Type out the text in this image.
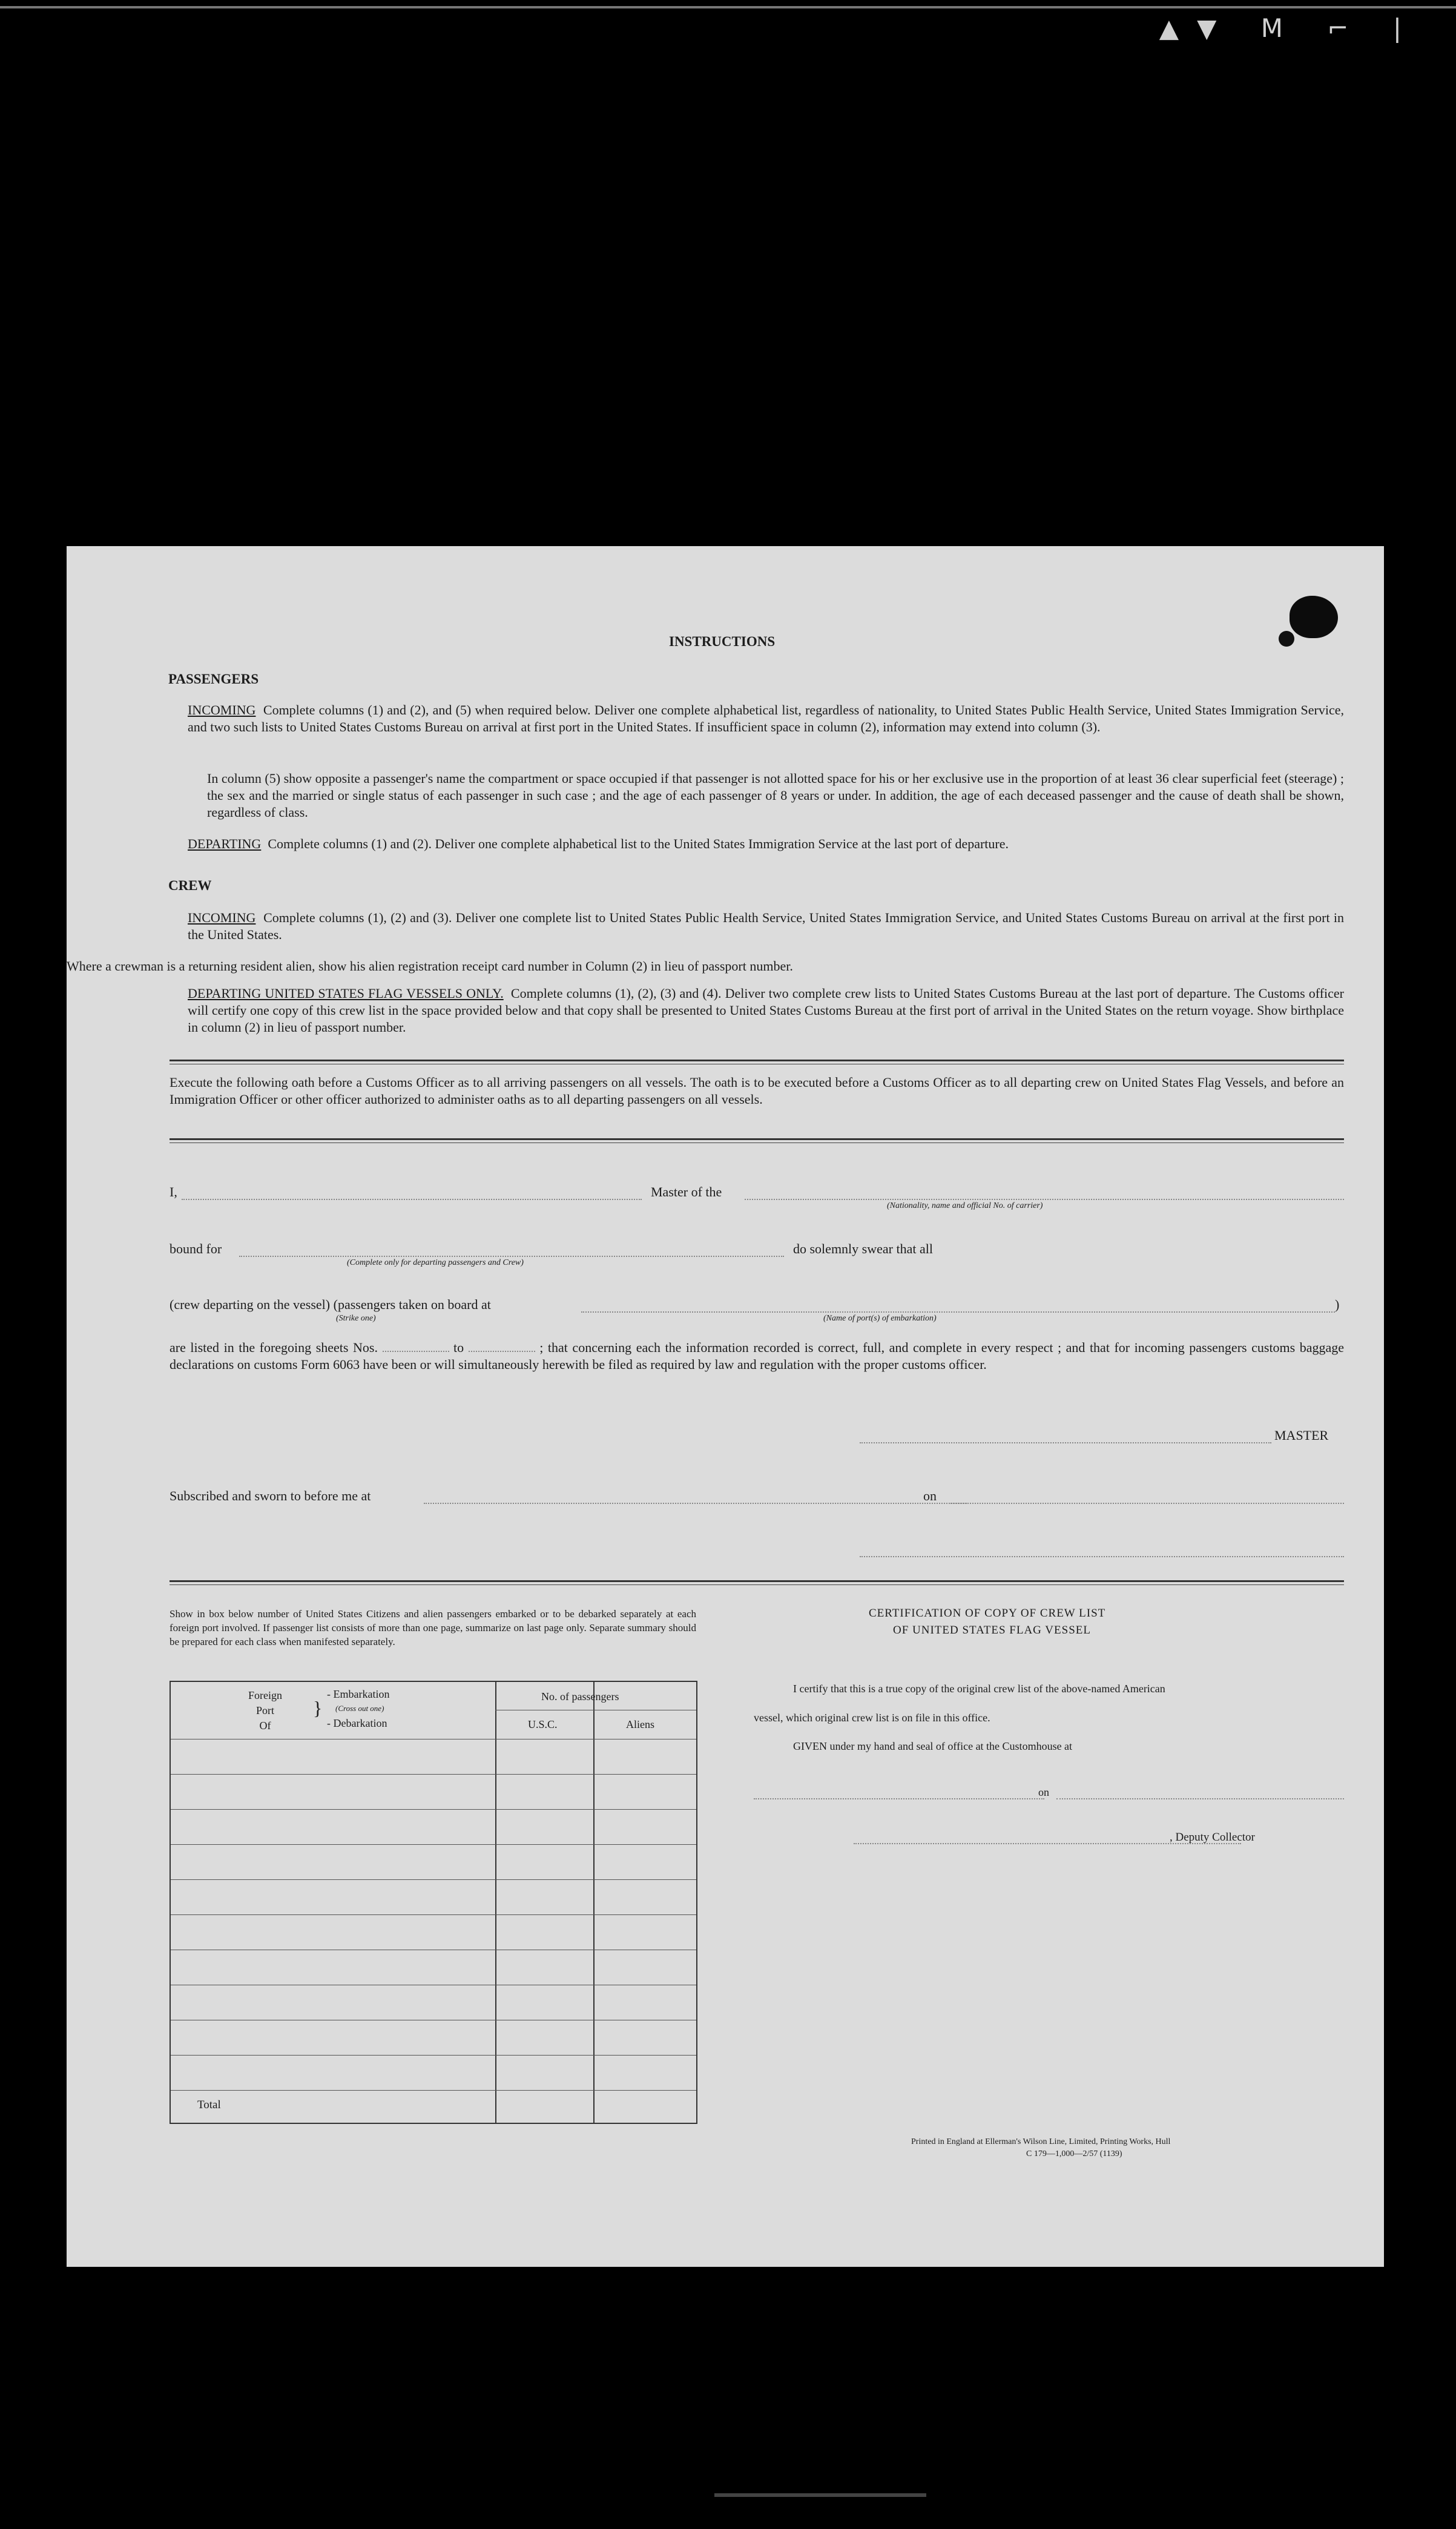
▲▼ M ⌐ |
INSTRUCTIONS
PASSENGERS
INCOMING Complete columns (1) and (2), and (5) when required below. Deliver one complete alphabetical list, regardless of nationality, to United States Public Health Service, United States Immigration Service, and two such lists to United States Customs Bureau on arrival at first port in the United States. If insufficient space in column (2), information may extend into column (3).
In column (5) show opposite a passenger's name the compartment or space occupied if that passenger is not allotted space for his or her exclusive use in the proportion of at least 36 clear superficial feet (steerage) ; the sex and the married or single status of each passenger in such case ; and the age of each passenger of 8 years or under. In addition, the age of each deceased passenger and the cause of death shall be shown, regardless of class.
DEPARTING Complete columns (1) and (2). Deliver one complete alphabetical list to the United States Immigration Service at the last port of departure.
CREW
INCOMING Complete columns (1), (2) and (3). Deliver one complete list to United States Public Health Service, United States Immigration Service, and United States Customs Bureau on arrival at the first port in the United States.
Where a crewman is a returning resident alien, show his alien registration receipt card number in Column (2) in lieu of passport number.
DEPARTING UNITED STATES FLAG VESSELS ONLY. Complete columns (1), (2), (3) and (4). Deliver two complete crew lists to United States Customs Bureau at the last port of departure. The Customs officer will certify one copy of this crew list in the space provided below and that copy shall be presented to United States Customs Bureau at the first port of arrival in the United States on the return voyage. Show birthplace in column (2) in lieu of passport number.
Execute the following oath before a Customs Officer as to all arriving passengers on all vessels. The oath is to be executed before a Customs Officer as to all departing crew on United States Flag Vessels, and before an Immigration Officer or other officer authorized to administer oaths as to all departing passengers on all vessels.
I,	Master of the
(Nationality, name and official No. of carrier)
bound for
(Complete only for departing passengers and Crew)
do solemnly swear that all
(crew departing on the vessel) (passengers taken on board at	)
(Strike one)	(Name of port(s) of embarkation)
are listed in the foregoing sheets Nos.	to	; that concerning each the information recorded is correct, full, and complete in every respect ; and that for incoming passengers customs baggage declarations on customs Form 6063 have been or will simultaneously herewith be filed as required by law and regulation with the proper customs officer.
MASTER
Subscribed and sworn to before me at	on
Show in box below number of United States Citizens and alien passengers embarked or to be debarked separately at each foreign port involved. If passenger list consists of more than one page, summarize on last page only. Separate summary should be prepared for each class when manifested separately.
Foreign
Port
Of
}
- Embarkation
(Cross out one)
- Debarkation
No. of passengers
U.S.C.	Aliens
Total
CERTIFICATION OF COPY OF CREW LIST
OF UNITED STATES FLAG VESSEL
I certify that this is a true copy of the original crew list of the above-named American
vessel, which original crew list is on file in this office.
GIVEN under my hand and seal of office at the Customhouse at
on
, Deputy Collector
Printed in England at Ellerman's Wilson Line, Limited, Printing Works, Hull
C 179—1,000—2/57 (1139)
